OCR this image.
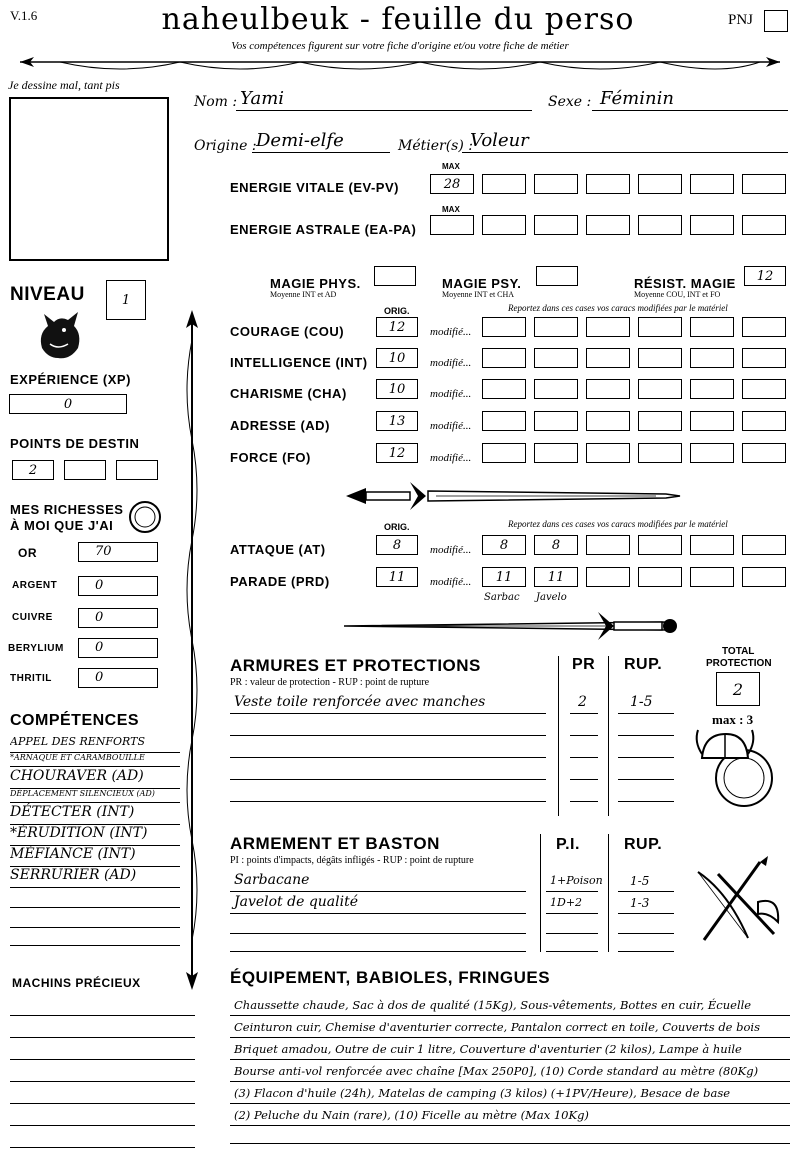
V.1.6	naheulbeuk - feuille du perso
Vos compétences figurent sur votre fiche d'origine et/ou votre fiche de métier
PNJ
Je dessine mal, tant pis
Nom : Yami	Sexe : Féminin
Origine : Demi-elfe	Métier(s) :
Voleur
MAX
ENERGIE VITALE (EV-PV)	28
MAX
ENERGIE ASTRALE (EA-PA)
MAGIE PHYS.
Moyenne INT et AD
MAGIE PSY.
Moyenne INT et CHA
RÉSIST. MAGIE
Moyenne COU, INT et FO
12
NIVEAU	1
EXPÉRIENCE (XP)
0
POINTS DE DESTIN
2
MES RICHESSES
À MOI QUE J'AI
OR	70
ARGENT	0
CUIVRE	0
BERYLIUM 0
THRITIL	0
COMPÉTENCES
APPEL DES RENFORTS
*ARNAQUE ET CARAMBOUILLE
CHOURAVER (AD)
DÉPLACEMENT SILENCIEUX (AD)
DÉTECTER (INT)
*ÉRUDITION (INT)
MÉFIANCE (INT)
SERRURIER (AD)
MACHINS PRÉCIEUX
ORIG.	Reportez dans ces cases vos caracs modifiées par le matériel
COURAGE (COU)	12	modifié...
INTELLIGENCE (INT)	10	modifié...
CHARISME (CHA)	10	modifié...
ADRESSE (AD)	13	modifié...
FORCE (FO)	12	modifié...
ORIG.	Reportez dans ces cases vos caracs modifiées par le matériel
ATTAQUE (AT)	8	modifié...	8	8
PARADE (PRD)	11	modifié...	11	11
Sarbac Javelo
ARMURES ET PROTECTIONS
PR : valeur de protection - RUP : point de rupture
PR RUP.
Veste toile renforcée avec manches	2	1-5
TOTAL
PROTECTION
2
max : 3
ARMEMENT ET BASTON
PI : points d'impacts, dégâts infligés - RUP : point de rupture
P.I.	RUP.
Sarbacane	1+Poison 1-5
Javelot de qualité	1D+2	1-3
ÉQUIPEMENT, BABIOLES, FRINGUES
Chaussette chaude, Sac à dos de qualité (15Kg), Sous-vêtements, Bottes en cuir, Écuelle
Ceinturon cuir, Chemise d'aventurier correcte, Pantalon correct en toile, Couverts de bois
Briquet amadou, Outre de cuir 1 litre, Couverture d'aventurier (2 kilos), Lampe à huile
Bourse anti-vol renforcée avec chaîne [Max 250P0], (10) Corde standard au mètre (80Kg)
(3) Flacon d'huile (24h), Matelas de camping (3 kilos) (+1PV/Heure), Besace de base
(2) Peluche du Nain (rare), (10) Ficelle au mètre (Max 10Kg)
